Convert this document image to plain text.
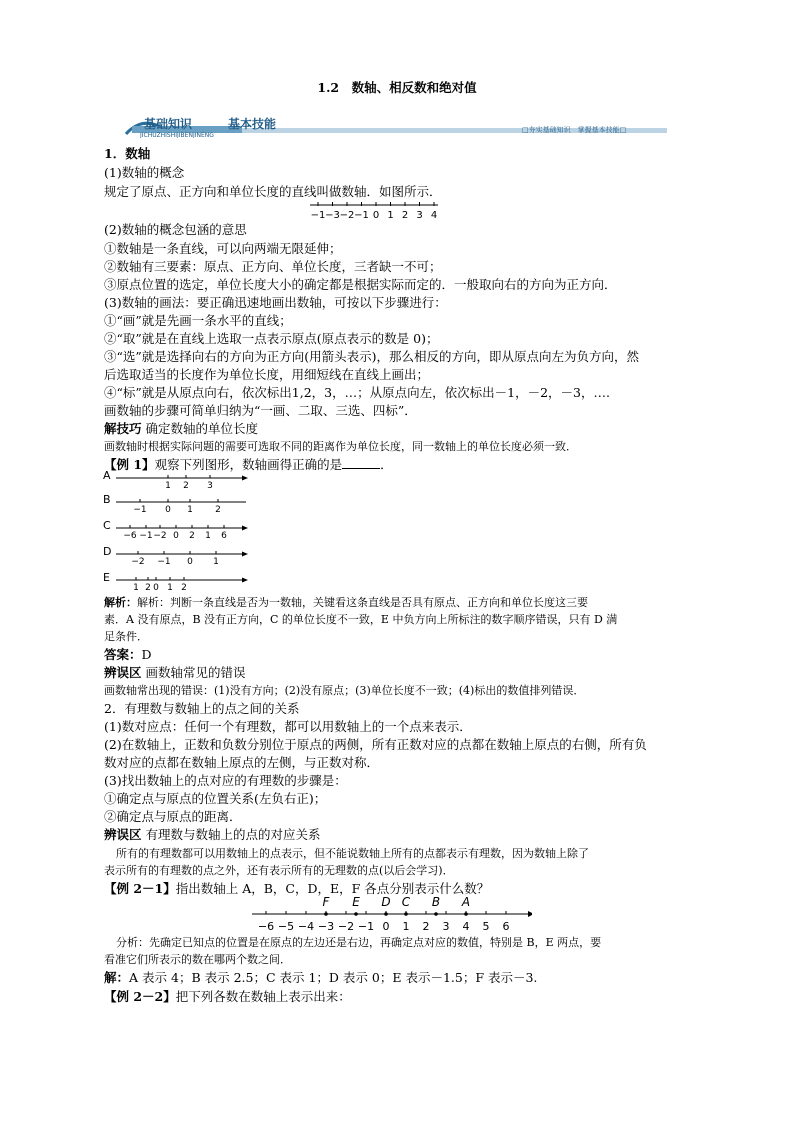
1.2　数轴、相反数和绝对值
基础知识	基本技能
JICHUZHISHIJIBENJINENG
□夯实基础知识　掌握基本技能□
1．数轴
(1)数轴的概念
规定了原点、正方向和单位长度的直线叫做数轴．如图所示．
−1 −3 −2 −1 0 1 2 3 4
(2)数轴的概念包涵的意思
①数轴是一条直线，可以向两端无限延伸；
②数轴有三要素：原点、正方向、单位长度，三者缺一不可；
③原点位置的选定，单位长度大小的确定都是根据实际而定的．一般取向右的方向为正方向．
(3)数轴的画法：要正确迅速地画出数轴，可按以下步骤进行：
①“画”就是先画一条水平的直线；
②“取”就是在直线上选取一点表示原点(原点表示的数是 0)；
③“选”就是选择向右的方向为正方向(用箭头表示)，那么相反的方向，即从原点向左为负方向，然
后选取适当的长度作为单位长度，用细短线在直线上画出；
④“标”就是从原点向右，依次标出1,2，3，…；从原点向左，依次标出－1，－2，－3，….
画数轴的步骤可简单归纳为“一画、二取、三选、四标”．
解技巧 确定数轴的单位长度
画数轴时根据实际问题的需要可选取不同的距离作为单位长度，同一数轴上的单位长度必须一致．
【例 1】观察下列图形，数轴画得正确的是	．
A
1 2 3
B
−1 0 1 2
C
−6 −1 −2 0 2 1 6
D
−2 −1 0 1
E
1 2 0 1 2
解析：解析：判断一条直线是否为一数轴，关键看这条直线是否具有原点、正方向和单位长度这三要
素．A 没有原点，B 没有正方向，C 的单位长度不一致，E 中负方向上所标注的数字顺序错误，只有 D 满
足条件．
答案：D
辨误区 画数轴常见的错误
画数轴常出现的错误：(1)没有方向；(2)没有原点；(3)单位长度不一致；(4)标出的数值排列错误．
2．有理数与数轴上的点之间的关系
(1)数对应点：任何一个有理数，都可以用数轴上的一个点来表示．
(2)在数轴上，正数和负数分别位于原点的两侧，所有正数对应的点都在数轴上原点的右侧，所有负
数对应的点都在数轴上原点的左侧，与正数对称．
(3)找出数轴上的点对应的有理数的步骤是：
①确定点与原点的位置关系(左负右正)；
②确定点与原点的距离．
辨误区 有理数与数轴上的点的对应关系
所有的有理数都可以用数轴上的点表示，但不能说数轴上所有的点都表示有理数，因为数轴上除了
表示所有的有理数的点之外，还有表示所有的无理数的点(以后会学习)．
【例 2－1】指出数轴上 A，B，C，D，E，F 各点分别表示什么数？
−6 −5 −4 −3 −2 −1 0 1 2 3 4 5 6
F E D C B A
分析：先确定已知点的位置是在原点的左边还是右边，再确定点对应的数值，特别是 B，E 两点，要
看准它们所表示的数在哪两个数之间．
解：A 表示 4；B 表示 2.5；C 表示 1；D 表示 0；E 表示－1.5；F 表示－3.
【例 2－2】把下列各数在数轴上表示出来：
